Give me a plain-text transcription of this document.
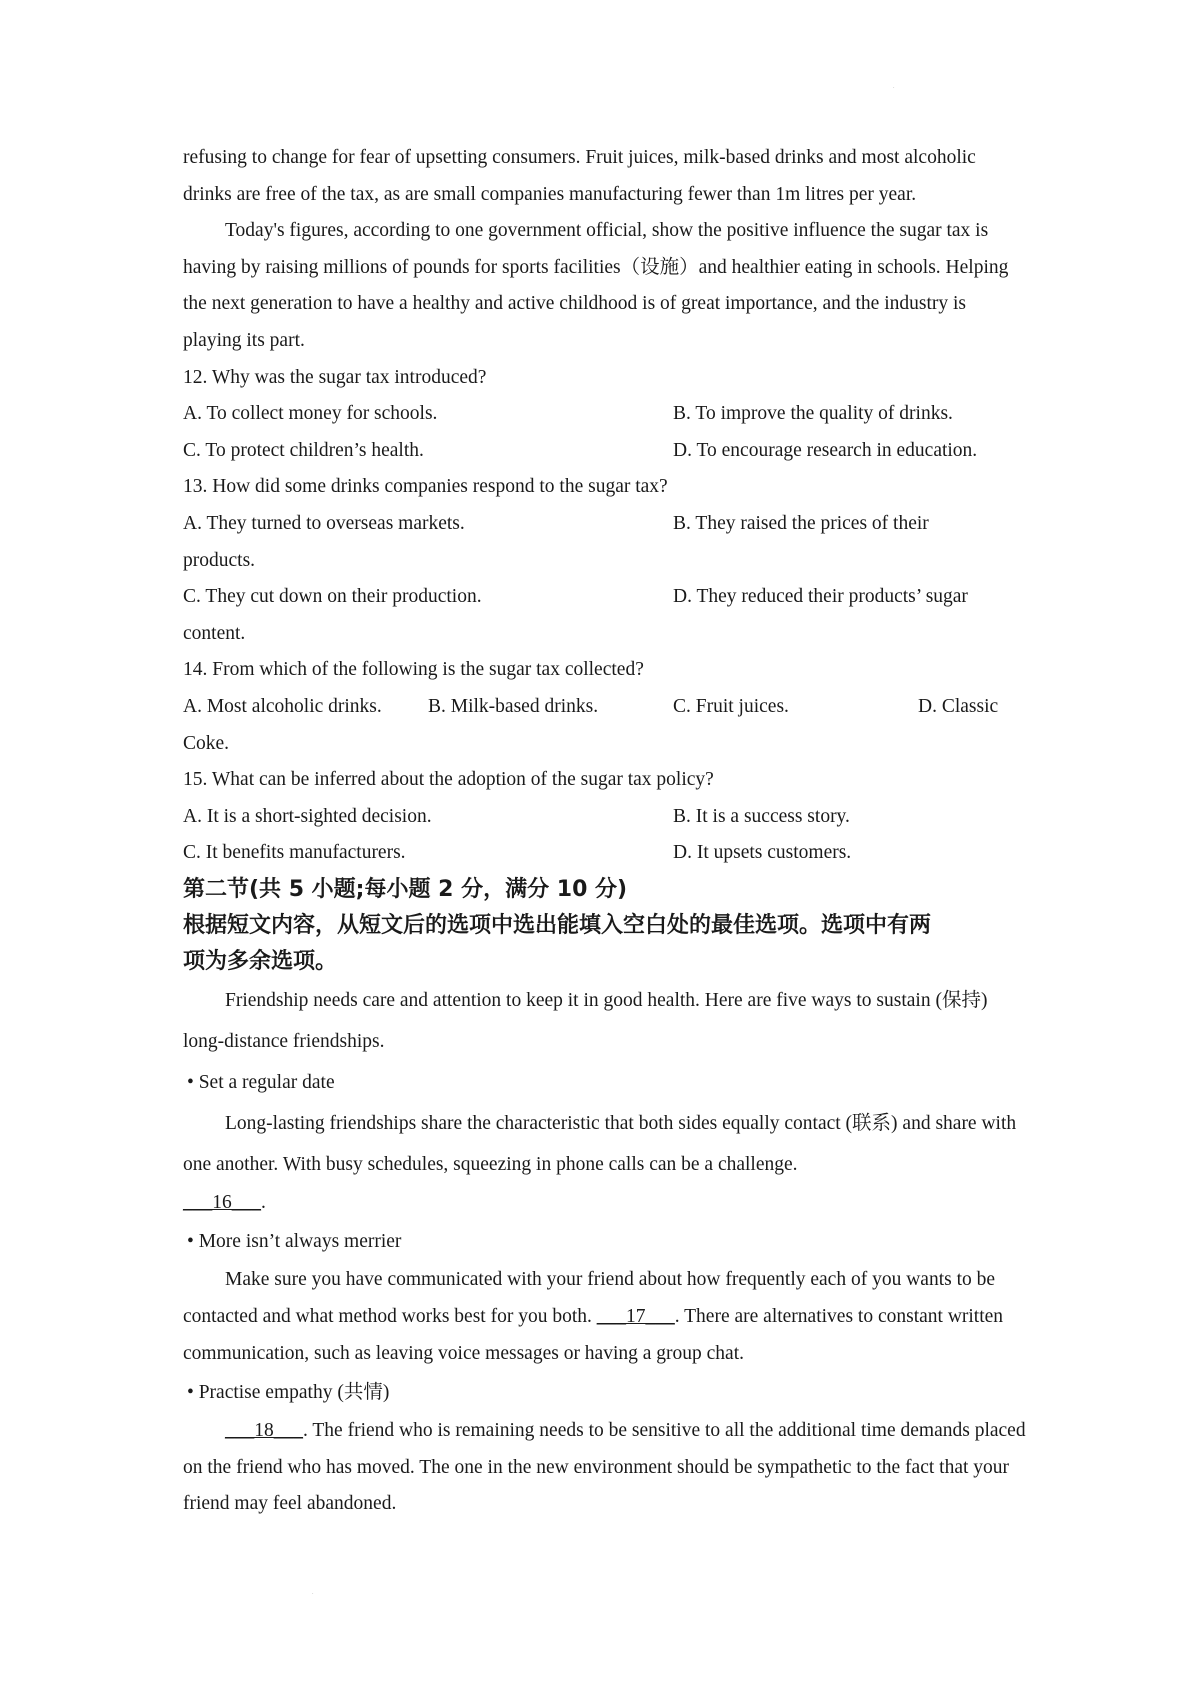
.
.

refusing to change for fear of upsetting consumers. Fruit juices, milk-based drinks and most alcoholic drinks are free of the tax, as are small companies manufacturing fewer than 1m litres per year.

Today's figures, according to one government official, show the positive influence the sugar tax is having by raising millions of pounds for sports facilities（设施）and healthier eating in schools. Helping the next generation to have a healthy and active childhood is of great importance, and the industry is playing its part.

12. Why was the sugar tax introduced?

A. To collect money for schools.	B. To improve the quality of drinks.
C. To protect children’s health.	D. To encourage research in education.

13. How did some drinks companies respond to the sugar tax?

A. They turned to overseas markets.	B. They raised the prices of their

products.

C. They cut down on their production.	D. They reduced their products’ sugar

content.

14. From which of the following is the sugar tax collected?

A. Most alcoholic drinks.	B. Milk-based drinks.	C. Fruit juices.	D. Classic

Coke.

15. What can be inferred about the adoption of the sugar tax policy?

A. It is a short-sighted decision.	B. It is a success story.
C. It benefits manufacturers.	D. It upsets customers.

第二节(共 5 小题;每小题 2 分，满分 10 分)

根据短文内容，从短文后的选项中选出能填入空白处的最佳选项。选项中有两

项为多余选项。

Friendship needs care and attention to keep it in good health. Here are five ways to sustain (保持) long-distance friendships.

• Set a regular date

Long-lasting friendships share the characteristic that both sides equally contact (联系) and share with one another. With busy schedules, squeezing in phone calls can be a challenge.

___16___.

• More isn’t always merrier

Make sure you have communicated with your friend about how frequently each of you wants to be contacted and what method works best for you both. ___17___. There are alternatives to constant written communication, such as leaving voice messages or having a group chat.

• Practise empathy (共情)

___18___. The friend who is remaining needs to be sensitive to all the additional time demands placed on the friend who has moved. The one in the new environment should be sympathetic to the fact that your friend may feel abandoned.
